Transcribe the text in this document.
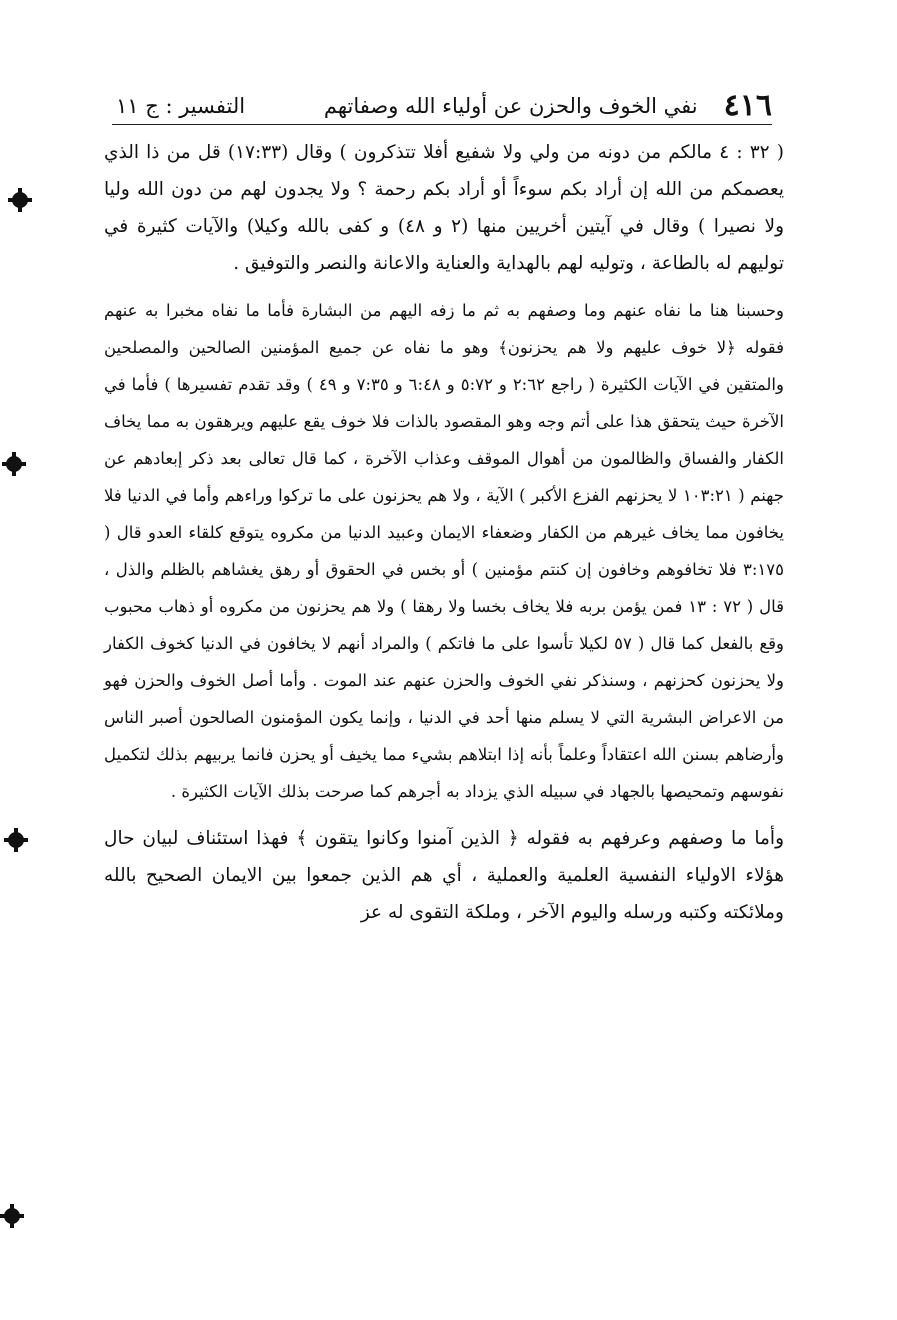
٤١٦
نفي الخوف والحزن عن أولياء الله وصفاتهم
التفسير : ج ١١

( ٣٢ : ٤ مالكم من دونه من ولي ولا شفيع أفلا تتذكرون ) وقال (١٧:٣٣) قل من ذا الذي يعصمكم من الله إن أراد بكم سوءاً أو أراد بكم رحمة ؟ ولا يجدون لهم من دون الله وليا ولا نصيرا ) وقال في آيتين أخريين منها (٢ و ٤٨) و كفى بالله وكيلا) والآيات كثيرة في توليهم له بالطاعة ، وتوليه لهم بالهداية والعناية والاعانة والنصر والتوفيق .

وحسبنا هنا ما نفاه عنهم وما وصفهم به ثم ما زفه اليهم من البشارة فأما ما نفاه مخبرا به عنهم فقوله ﴿لا خوف عليهم ولا هم يحزنون﴾ وهو ما نفاه عن جميع المؤمنين الصالحين والمصلحين والمتقين في الآيات الكثيرة ( راجع ٢:٦٢ و ٥:٧٢ و ٦:٤٨ و ٧:٣٥ و ٤٩ ) وقد تقدم تفسيرها ) فأما في الآخرة حيث يتحقق هذا على أتم وجه وهو المقصود بالذات فلا خوف يقع عليهم ويرهقون به مما يخاف الكفار والفساق والظالمون من أهوال الموقف وعذاب الآخرة ، كما قال تعالى بعد ذكر إبعادهم عن جهنم ( ١٠٣:٢١ لا يحزنهم الفزع الأكبر ) الآية ، ولا هم يحزنون على ما تركوا وراءهم وأما في الدنيا فلا يخافون مما يخاف غيرهم من الكفار وضعفاء الايمان وعبيد الدنيا من مكروه يتوقع كلقاء العدو قال ( ٣:١٧٥ فلا تخافوهم وخافون إن كنتم مؤمنين ) أو بخس في الحقوق أو رهق يغشاهم بالظلم والذل ، قال ( ٧٢ : ١٣ فمن يؤمن بربه فلا يخاف بخسا ولا رهقا ) ولا هم يحزنون من مكروه أو ذهاب محبوب وقع بالفعل كما قال ( ٥٧ لكيلا تأسوا على ما فاتكم ) والمراد أنهم لا يخافون في الدنيا كخوف الكفار ولا يحزنون كحزنهم ، وسنذكر نفي الخوف والحزن عنهم عند الموت . وأما أصل الخوف والحزن فهو من الاعراض البشرية التي لا يسلم منها أحد في الدنيا ، وإنما يكون المؤمنون الصالحون أصبر الناس وأرضاهم بسنن الله اعتقاداً وعلماً بأنه إذا ابتلاهم بشيء مما يخيف أو يحزن فانما يربيهم بذلك لتكميل نفوسهم وتمحيصها بالجهاد في سبيله الذي يزداد به أجرهم كما صرحت بذلك الآيات الكثيرة .

وأما ما وصفهم وعرفهم به فقوله ﴿ الذين آمنوا وكانوا يتقون ﴾ فهذا استئناف لبيان حال هؤلاء الاولياء النفسية العلمية والعملية ، أي هم الذين جمعوا بين الايمان الصحيح بالله وملائكته وكتبه ورسله واليوم الآخر ، وملكة التقوى له عز
